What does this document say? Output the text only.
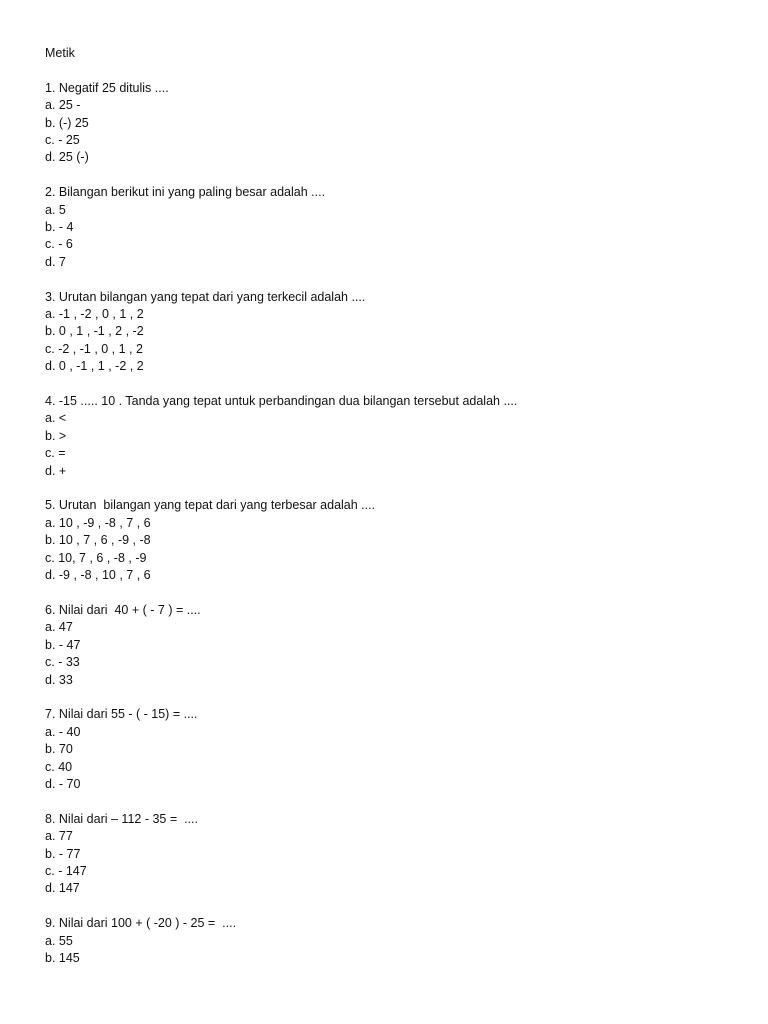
Metik
1. Negatif 25 ditulis ....
a. 25 -
b. (-) 25
c. - 25
d. 25 (-)
2. Bilangan berikut ini yang paling besar adalah ....
a. 5
b. - 4
c. - 6
d. 7
3. Urutan bilangan yang tepat dari yang terkecil adalah ....
a. -1 , -2 , 0 , 1 , 2
b. 0 , 1 , -1 , 2 , -2
c. -2 , -1 , 0 , 1 , 2
d. 0 , -1 , 1 , -2 , 2
4. -15 ..... 10 . Tanda yang tepat untuk perbandingan dua bilangan tersebut adalah ....
a. <
b. >
c. =
d. +
5. Urutan  bilangan yang tepat dari yang terbesar adalah ....
a. 10 , -9 , -8 , 7 , 6
b. 10 , 7 , 6 , -9 , -8
c. 10, 7 , 6 , -8 , -9
d. -9 , -8 , 10 , 7 , 6
6. Nilai dari  40 + ( - 7 ) = ....
a. 47
b. - 47
c. - 33
d. 33
7. Nilai dari 55 - ( - 15) = ....
a. - 40
b. 70
c. 40
d. - 70
8. Nilai dari – 112 - 35 =  ....
a. 77
b. - 77
c. - 147
d. 147
9. Nilai dari 100 + ( -20 ) - 25 =  ....
a. 55
b. 145
